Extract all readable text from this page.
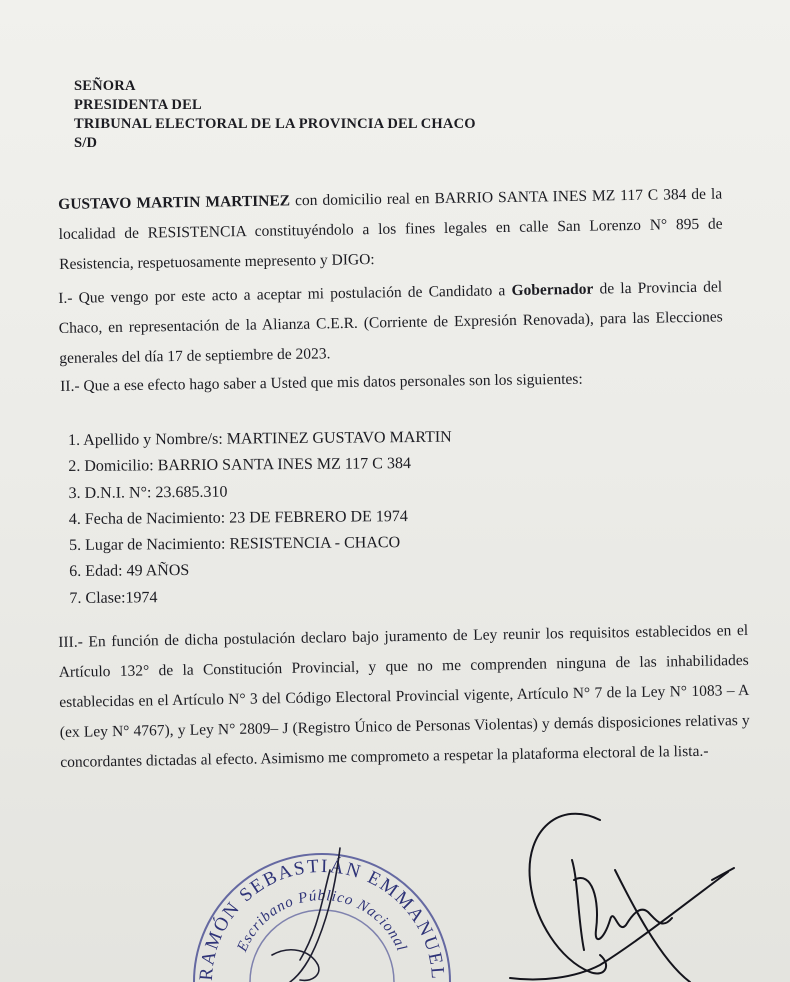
SEÑORA
PRESIDENTA DEL
TRIBUNAL ELECTORAL DE LA PROVINCIA DEL CHACO
S/D
GUSTAVO MARTIN MARTINEZ con domicilio real en BARRIO SANTA INES MZ 117 C 384 de la localidad de RESISTENCIA constituyéndolo a los fines legales en calle San Lorenzo N° 895 de Resistencia, respetuosamente mepresento y DIGO:
I.- Que vengo por este acto a aceptar mi postulación de Candidato a Gobernador de la Provincia del Chaco, en representación de la Alianza C.E.R. (Corriente de Expresión Renovada), para las Elecciones generales del día 17 de septiembre de 2023.
II.- Que a ese efecto hago saber a Usted que mis datos personales son los siguientes:
1. Apellido y Nombre/s: MARTINEZ GUSTAVO MARTIN
2. Domicilio: BARRIO SANTA INES MZ 117 C 384
3. D.N.I. N°: 23.685.310
4. Fecha de Nacimiento: 23 DE FEBRERO DE 1974
5. Lugar de Nacimiento: RESISTENCIA - CHACO
6. Edad: 49 AÑOS
7. Clase:1974
III.- En función de dicha postulación declaro bajo juramento de Ley reunir los requisitos establecidos en el Artículo 132° de la Constitución Provincial, y que no me comprenden ninguna de las inhabilidades establecidas en el Artículo N° 3 del Código Electoral Provincial vigente, Artículo N° 7 de la Ley N° 1083 – A (ex Ley N° 4767), y Ley N° 2809– J (Registro Único de Personas Violentas) y demás disposiciones relativas y concordantes dictadas al efecto. Asimismo me comprometo a respetar la plataforma electoral de la lista.-
RAMÓN SEBASTIÁN EMMANUEL
Escribano Público Nacional
